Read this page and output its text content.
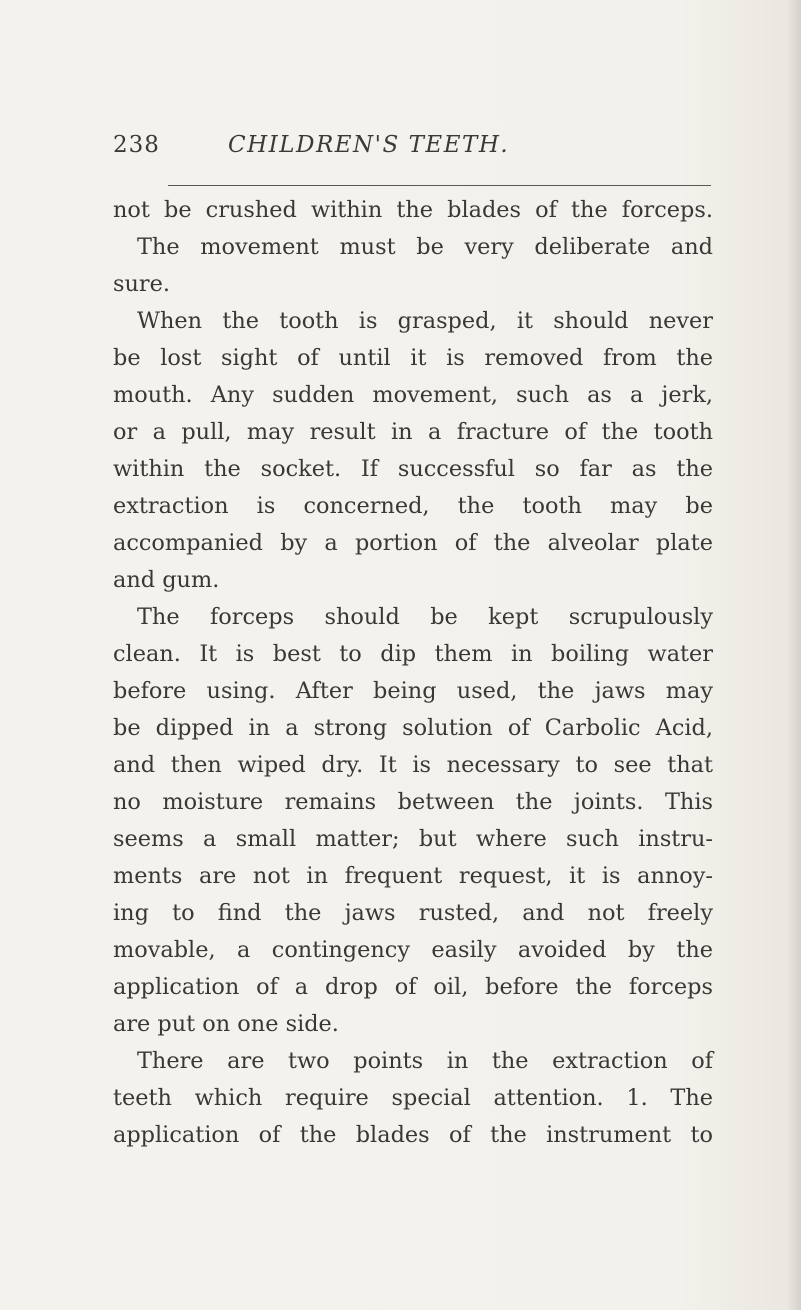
238	CHILDREN'S TEETH.
not be crushed within the blades of the forceps.
The movement must be very deliberate and
sure.
When the tooth is grasped, it should never
be lost sight of until it is removed from the
mouth. Any sudden movement, such as a jerk,
or a pull, may result in a fracture of the tooth
within the socket. If successful so far as the
extraction is concerned, the tooth may be
accompanied by a portion of the alveolar plate
and gum.
The forceps should be kept scrupulously
clean. It is best to dip them in boiling water
before using. After being used, the jaws may
be dipped in a strong solution of Carbolic Acid,
and then wiped dry. It is necessary to see that
no moisture remains between the joints. This
seems a small matter; but where such instru-
ments are not in frequent request, it is annoy-
ing to find the jaws rusted, and not freely
movable, a contingency easily avoided by the
application of a drop of oil, before the forceps
are put on one side.
There are two points in the extraction of
teeth which require special attention. 1. The
application of the blades of the instrument to
